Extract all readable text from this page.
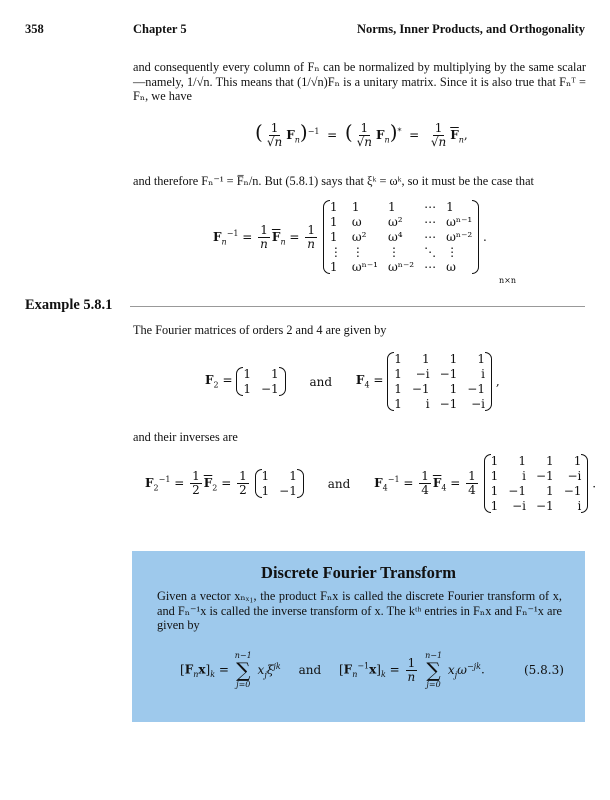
358	Chapter 5	Norms, Inner Products, and Orthogonality

and consequently every column of Fₙ can be normalized by multiplying by the same scalar—namely, 1/√n. This means that (1/√n)Fₙ is a unitary matrix. Since it is also true that Fₙᵀ = Fₙ, we have

( $\frac{1}{√n} F_n)^{-1}$  =  ( $\frac{1}{√n} F_n)^* = \frac{1}{√n} \overline{F}_n$,

and therefore Fₙ⁻¹ = F̅ₙ/n. But (5.8.1) says that ξᵏ = ωᵏ, so it must be the case that

$F_n^{-1} = \frac{1}{n} \overline{F}_n = \frac{1}{n}$

1	1	1	⋯ 1
1	ω	ω²	⋯ ωⁿ⁻¹
1	ω²	ω⁴	⋯ ωⁿ⁻²
⋮ ⋮	⋮	⋱ ⋮
1	ωⁿ⁻¹ ωⁿ⁻² ⋯ ω
.
n×n
Example 5.8.1

The Fourier matrices of orders 2 and 4 are given by

$F_2 = 1$	1
1 −1
and $F_4$ =
1	1	1	1
1	−i −1	i
1 −1	1 −1
1	i −1	−i
,

and their inverses are

$F_2^{-1} = \frac{1}{2} \overline{F}_2 = \frac{1}{2}$
1	1
1 −1
and $F_4^{-1} = \frac{1}{4} \overline{F}_4 = \frac{1}{4}$

1	1	1	1
1	i −1	−i
1 −1	1 −1
1	−i −1	i
.
Discrete Fourier Transform

Given a vector xₙₓ₁, the product Fₙx is called the discrete Fourier transform of x, and Fₙ⁻¹x is called the inverse transform of x. The kᵗʰ entries in Fₙx and Fₙ⁻¹x are given by

$[F_nx]_k$ =
n−1
∑
j=0
$x_j\xi^{jk}$ and $[F_n^{-1}x]_k = \frac{1}{n}$

n−1
∑
j=0
$x_j\omega^{-jk}$.	(5.8.3)
